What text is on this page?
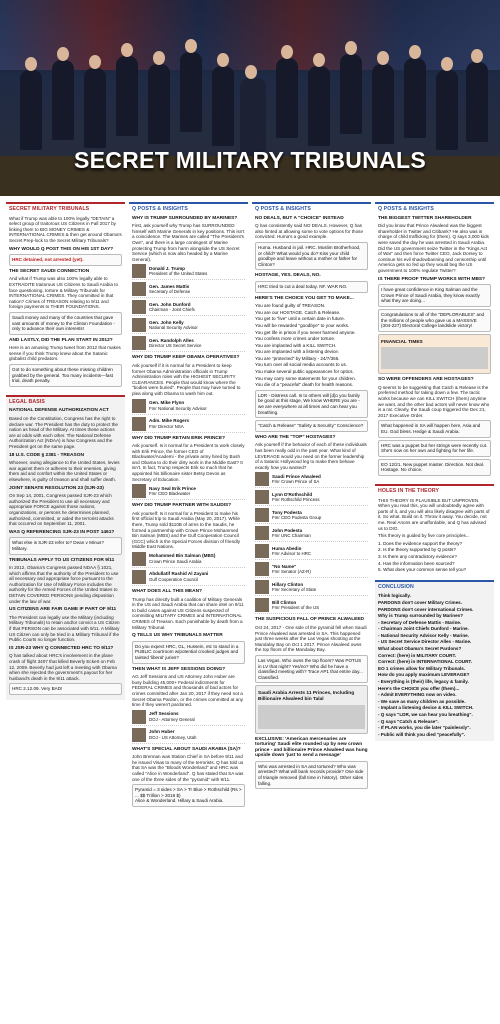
SECRET MILITARY TRIBUNALS
SECRET MILITARY TRIBUNALS
What if Trump was able to 100% legally "DETAIN" a select group of traitorous US Citizens in Fall 2017 by linking them to BIG MONEY CRIMES & INTERNATIONAL CRIMES & then get around Obama's Secret Prep-lock to the Secret Military Tribunals?
WHY WOULD Q POST THIS ON HIS 1ST DAY?
HRC detained, not arrested (yet).
THE SECRET SAUDI CONNECTION
And what if Trump was also 100% legally able to EXTRADITE traitorous US Citizens to Saudi Arabia to face questioning, torture & Military Tribunals for INTERNATIONAL CRIMES. They committed in that nation? Crimes of TREASON relating to 9/11 and foreign payments to THEIR FOUNDATIONS.
Saudi money and many of the countries that gave vast amounts of money to the Clinton Foundation - only to advance their own interests!
AND LASTLY, DID THE PLAN START IN 2012?
Here is an amusing Trump tweet from 2012 that makes sense if you think Trump knew about the Satanic globalist child predators.
Got to do something about these missing children grabbed by the general. Too many incidents—fast trial, death penalty.
LEGAL BASIS
NATIONAL DEFENSE AUTHORIZATION ACT
Based on the Constitution, Congress has the right to declare war. The President has the duty to protect the nation as head of the Military. At times these actions are at odds with each other. The National Defense Authorization Act (NDAA) is how Congress and the President get on the same page.
18 U.S. CODE § 2381 - TREASON
Whoever, owing allegiance to the United States, levies war against them or adheres to their enemies, giving them aid and comfort within the United States or elsewhere, is guilty of treason and shall suffer death.
JOINT SENATE RESOLUTION 23 (SJR-23)
On Sep 14, 2001, Congress passed SJR-23 which authorized the President to use all necessary and appropriate FORCE against those nations, organizations, or persons he determines planned, authorized, committed, or aided the terrorist attacks that occurred on September 11, 2001.
WAS Q REFERENCING SJR-23 IN POST 1461?
What else is SJR-23 refer to? Dean v Minus? Military.
TRIBUNALS APPLY TO US CITIZENS FOR 9/11
In 2012, Obama's Congress passed NDAA § 1021, which affirms that the authority of the President to use all necessary and appropriate force pursuant to the Authorization for Use of Military Force includes the authority for the Armed Forces of the United States to DETAIN COVERED PERSONS pending disposition under the law of war.
US CITIZENS ARE FAIR GAME IF PART OF 9/11
The President can legally use the Military (including Military Tribunals) to retain and/or convict a US Citizen if that PERSON can be associated with 9/11. A Military US Citizen can only be tried in a Military Tribunal if the Public Courts no longer function.
IS JSR-23 WHY Q CONNECTED HRC TO 9/11?
Q has talked about HRC's involvement in the plane crash of flight 3407 that killed Beverly Eckert on Feb 12, 2009. Beverly had just left a meeting with Obama when she rejected the government's payout for her husband's death in the 9/11 attack.
HRC 2.12.09. Very BAD!
Q POSTS & INSIGHTS
WHY IS TRUMP SURROUNDED BY MARINES?
First, ask yourself why Trump has SURROUNDED himself with Marine Generals in key positions. This isn't a coincidence. The Marines are called "The President's Own", and there is a large contingent of Marine protecting Trump from harm alongside the US Secret Service (which is now also headed by a Marine General).
Donald J. Trump
President of the United States
Gen. James Mattis
Secretary of Defense
Gen. John Dunford
Chairman - Joint Chiefs
Gen. John Kelly
National Security Advisor
Gen. Randolph Alles
Director US Secret Service
WHY DID TRUMP KEEP OBAMA OPERATIVES?
Ask yourself if it is normal for a President to keep former Obama Administration officials in Trump Administration roles with the HIGHEST SECURITY CLEARANCES. People that would know where the "bodies were buried". People that may have turned to plea along with Obama to wash him out.
Gen. Mike Flynn
Fmr National Security Advisor
Adm. Mike Rogers
Fmr Director NSA
WHY DID TRUMP RETAIN ERIK PRINCE?
Ask yourself. Is it normal for a President to work closely with Erik Prince, the former CEO of Blackwater/Academi - the private army hired by Bush and Obama to do their dirty work in the Middle East? It isn't. In fact, Trump respects Erik so much that he appointed his billionaire sister Betsy Devos as Secretary of Education.
Navy Seal Erik Prince
Fmr CEO Blackwater
WHY DID TRUMP PARTNER WITH SAUDIS?
Ask yourself: Is it normal for a President to make his first official trip to Saudi Arabia (May 20, 2017). While there, Trump sold $110B of arms to the Saudis, he formed a partnership with Crown Prince Mohammed Bin Salman (MBS) and the Gulf Cooperation Council (GCC) which is the Special Forces division of friendly Middle East Nations.
Mohammed Bin Salman (MBS)
Crown Prince Saudi Arabia
Abdullatif Rashid Al Zayani
Gulf Cooperation Council
WHAT DOES ALL THIS MEAN?
Trump has directly built a coalition of Military Generals in the US and Saudi Arabia that can share intel on 9/11 to build cases against US Citizens suspected of committing MILITARY CRIMES and INTERNATIONAL CRIMES of Treason. Each punishable by death from a Military Tribunal.
Q TELLS US WHY TRIBUNALS MATTER
Do you expect HRC, GL, Hussein, etc to stand in a PUBLIC courtroom w/potential crooked judges and tainted 'liberal' juries?
THEN WHAT IS JEFF SESSIONS DOING?
AG Jeff Sessions and US Attorney John Huber are busy building 45,000+ Federal indictments for FEDERAL CRIMES and thousands of bad actors for crimes committed after Jan 20, 2017 if they need not a Secret Obama Pardon, or the crimes committed at any time if they weren't pardoned.
Jeff Sessions
DOJ - Attorney General
John Huber
DOJ - US Attorney, Utah
WHAT'S SPECIAL ABOUT SAUDI ARABIA (SA)?
John Brennan was Station Chief in SA before 9/11 and he issued Visas to many of the terrorists. Q has told us that SA was the "Bloods Wonderland" and HRC was called "Alice in Wonderland". Q has stated that SA was one of the three sides of the "pyramid" with 9/11.
Pyramid = 3 sides > SA > Tr Blue > Rothschild (Rs > ... $$ Trillion > 2018 $)
Alice & Wonderland. Hillary & Saudi Arabia.
Q POSTS & INSIGHTS
NO DEALS, BUT A "CHOICE" INSTEAD
Q has consistently said NO DEALS. However, Q has also hinted at allowing some to vote options for those convicted. Huma's a good example.
Huma. Husband in jail. HRC. Muslim Brotherhood, or child? What would you do? Kiss your child goodbye and leave without a mother or father for Clinton?
HOSTAGE, YES. DEALS, NO.
HRC tried to cut a deal today. NF. WAR NO.
HERE'S THE CHOICE YOU GET TO MAKE...
You are found guilty of TREASON.
You are our HOSTAGE. Catch & Release.
You get to "live" until a certain date in future.
You will be rewarded "goodbye" to your works.
You get life in prison if you never harmed anyone.
You confess more crimes under torture.
You are implanted with a KILL SWITCH.
You are implanted with a listening device.
You are "protected" by Military - 24/7/365.
You turn over all social media accounts to us.
You make several public appearances for optics.
You may carry some statements for your children.
You die of a "peaceful" death for health reasons.
LDR - Distress call. Is to others will [d]o you family be good at this stage, We know WHERE you are - we are everywhere at all times and can hear you breathing.
"Catch & Release" "Safety & Security" Conscience?
WHO ARE THE "TOP" HOSTAGES?
Ask yourself if the behavior of each of these individuals has been really odd in the past year. What kind of LEVERAGE would you need on the former leadership of a Satanic Hollywood leg to make them behave exactly how you wanted?
Saudi Prince Alwaleed
Fmr Crown Prince of SA
Lynn D'Rothschild
Fmr Rothschild Princess
Tony Podesta
Fmr CEO Podesta Group
John Podesta
Fmr UNC Chairman
Huma Abedin
Fmr Advisor to HRC
"No Name"
Fmr Senator (AZ-R)
Hillary Clinton
Fmr Secretary of State
Bill Clinton
Fmr President of the US
THE SUSPICIOUS FALL OF PRINCE ALWALEED
Oct 24, 2017 - One side of the pyramid fell when Saudi Prince Alwaleed was arrested in SA. This happened just three weeks after the Las Vegas shooting at the Mandalay Bay on Oct 1 2017. Prince Alwaleed owns the top floors of the Mandalay Bay.
Las Vegas. Who owns the top floors? Was POTUS in LV that night? Yes/no? Who did he have a classified meeting with? Trace AP1 that entire day... Classified.
Saudi Arabia Arrests 11 Princes, Including Billionaire Alwaleed bin Talal
EXCLUSIVE: 'American mercenaries are torturing' Saudi elite rounded up by new crown prince - and billionaire Prince Alwaleed was hung upside down 'just to send a message'
Who was arrested in SA and tortured? Who was arrested? What will bank records provide? One side of triangle removed (fall time in history). Other sides falling.
Q POSTS & INSIGHTS
THE BIGGEST TWITTER SHAREHOLDER
Did you know that Prince Alwaleed was the biggest shareholder in Twitter and Citibank? He also was in charge of child trafficking for (them). Q says 3,000 kids were saved the day he was arrested in Saudi Arabia. Did the US government seize Twitter in the "Kings Act of War" and then force Twitter CEO, Jack Dorsey to continue his evil shadowbanning and censorship until America gets so fed up they would beg the US government to 100% regulate Twitter?
IS THERE PROOF TRUMP WORKS WITH MBS?
I have great confidence in King Salman and the Crown Prince of Saudi Arabia, they know exactly what they are doing...
Congratulations to all of the "DEPLORABLES" and the millions of people who gave us a MASSIVE (304-227) Electoral College landslide victory!
FINANCIAL TIMES
SO WERE OFFENDERS ARE HOSTAGES?
Q seems to be suggesting that Catch & Release is the preferred method for taking down a few. The tactic works because we can KILL SWITCH (them) anytime we want, and the other bad actors will never know who is a rat. Clearly, the Saudi coup triggered the Dec 21, 2017 Executive Order.
What happened in SA will happen here, Asia and EU. God bless. Hedge & Saudi Arabia.
HRC was a puppet but her strings were recently cut. She's now on her own and fighting for her life.
EO 12/21. New puppet master. Direction. Not deal. Hostage. No choice.
HOLES IN THE THEORY
THIS THEORY IS PLAUSIBLE BUT UNPROVEN. When you read this, you will undoubtedly agree with parts of it, and you will also likely disagree with parts of it. So what. Build on it. Throw it away. You decide, not me. Real Anons are unaffordable, and Q has advised us to DIG.
This theory is guided by five core principles...
1. Does the evidence support the theory?
2. Is the theory supported by Q posts?
3. Is there any contradictory evidence?
4. Has the information been sourced?
5. What does your common sense tell you?
CONCLUSION
Think logically.
PARDONS don't cover Military Crimes.
PARDONS don't cover international Crimes.
Why is Trump surrounded by Marines?
- Secretary of Defense Mattis - Marine.
- Chairman Joint Chiefs Dunford - Marine.
- National Security Advisor Kelly - Marine.
- US Secret Service Director Alles - Marine.
What about Obama's Secret Pardons?
Correct: (here) in MILITARY COURT.
Correct: (here) in INTERNATIONAL COURT.
EO 1 crimes allow for Military Tribunals.
How do you apply maximum LEVERAGE?
- Everything is (their) life, legacy & family.
Here's the CHOICE you offer (them)...
- Admit EVERYTHING now on video.
- We save as many children as possible.
- Implant a listening device & KILL SWITCH.
- Q says "LDR, we can hear you breathing".
- Q says "Catch & Release".
- If PLAN works, you die later "painlessly".
- Public will think you died "peacefully".
